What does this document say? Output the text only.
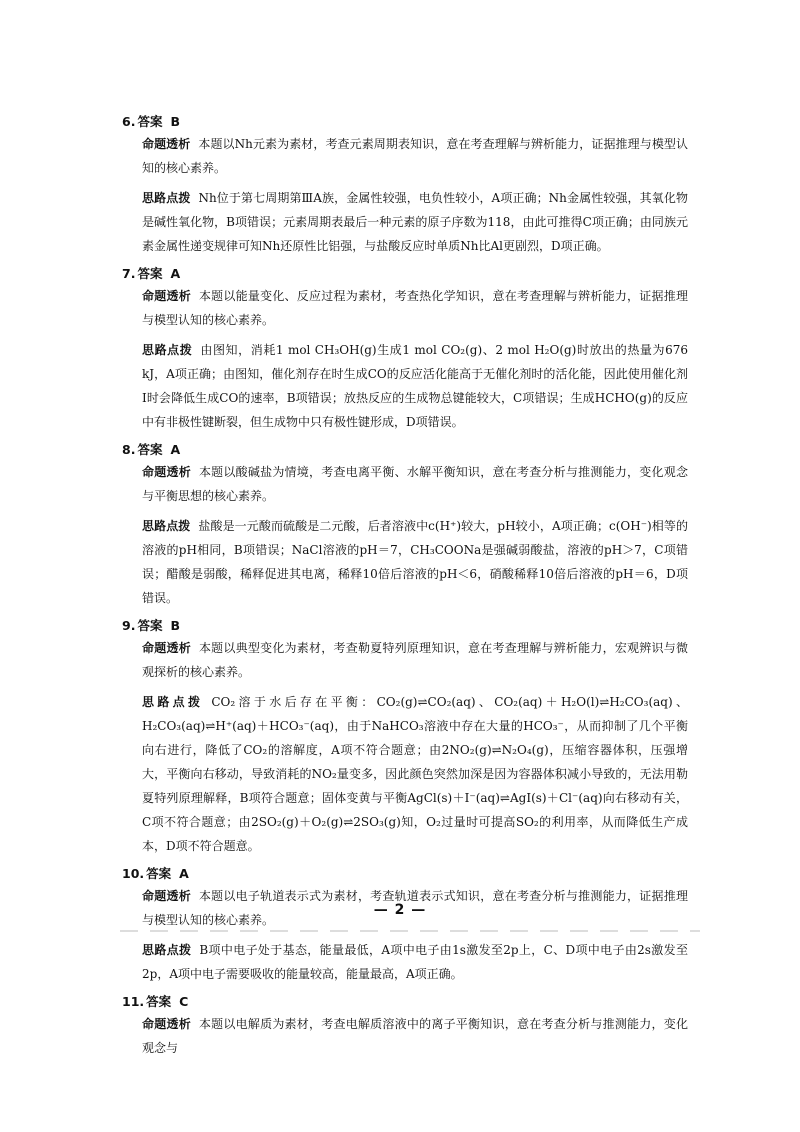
6. 答案 B

命题透析 本题以Nh元素为素材，考查元素周期表知识，意在考查理解与辨析能力，证据推理与模型认知的核心素养。

思路点拨 Nh位于第七周期第ⅢA族，金属性较强，电负性较小，A项正确；Nh金属性较强，其氧化物是碱性氧化物，B项错误；元素周期表最后一种元素的原子序数为118，由此可推得C项正确；由同族元素金属性递变规律可知Nh还原性比铝强，与盐酸反应时单质Nh比Al更剧烈，D项正确。

7. 答案 A

命题透析 本题以能量变化、反应过程为素材，考查热化学知识，意在考查理解与辨析能力，证据推理与模型认知的核心素养。

思路点拨 由图知，消耗1 mol CH₃OH(g)生成1 mol CO₂(g)、2 mol H₂O(g)时放出的热量为676 kJ，A项正确；由图知，催化剂存在时生成CO的反应活化能高于无催化剂时的活化能，因此使用催化剂Ⅰ时会降低生成CO的速率，B项错误；放热反应的生成物总键能较大，C项错误；生成HCHO(g)的反应中有非极性键断裂，但生成物中只有极性键形成，D项错误。

8. 答案 A

命题透析 本题以酸碱盐为情境，考查电离平衡、水解平衡知识，意在考查分析与推测能力，变化观念与平衡思想的核心素养。

思路点拨 盐酸是一元酸而硫酸是二元酸，后者溶液中c(H⁺)较大，pH较小，A项正确；c(OH⁻)相等的溶液的pH相同，B项错误；NaCl溶液的pH＝7，CH₃COONa是强碱弱酸盐，溶液的pH＞7，C项错误；醋酸是弱酸，稀释促进其电离，稀释10倍后溶液的pH＜6，硝酸稀释10倍后溶液的pH＝6，D项错误。

9. 答案 B

命题透析 本题以典型变化为素材，考查勒夏特列原理知识，意在考查理解与辨析能力，宏观辨识与微观探析的核心素养。

思路点拨 CO₂溶于水后存在平衡：CO₂(g)⇌CO₂(aq)、CO₂(aq)＋H₂O(l)⇌H₂CO₃(aq)、H₂CO₃(aq)⇌H⁺(aq)＋HCO₃⁻(aq)，由于NaHCO₃溶液中存在大量的HCO₃⁻，从而抑制了几个平衡向右进行，降低了CO₂的溶解度，A项不符合题意；由2NO₂(g)⇌N₂O₄(g)，压缩容器体积，压强增大，平衡向右移动，导致消耗的NO₂量变多，因此颜色突然加深是因为容器体积减小导致的，无法用勒夏特列原理解释，B项符合题意；固体变黄与平衡AgCl(s)＋I⁻(aq)⇌AgI(s)＋Cl⁻(aq)向右移动有关，C项不符合题意；由2SO₂(g)＋O₂(g)⇌2SO₃(g)知，O₂过量时可提高SO₂的利用率，从而降低生产成本，D项不符合题意。

10. 答案 A

命题透析 本题以电子轨道表示式为素材，考查轨道表示式知识，意在考查分析与推测能力，证据推理与模型认知的核心素养。

思路点拨 B项中电子处于基态，能量最低，A项中电子由1s激发至2p上，C、D项中电子由2s激发至2p，A项中电子需要吸收的能量较高，能量最高，A项正确。

11. 答案 C

命题透析 本题以电解质为素材，考查电解质溶液中的离子平衡知识，意在考查分析与推测能力，变化观念与

— 2 —
